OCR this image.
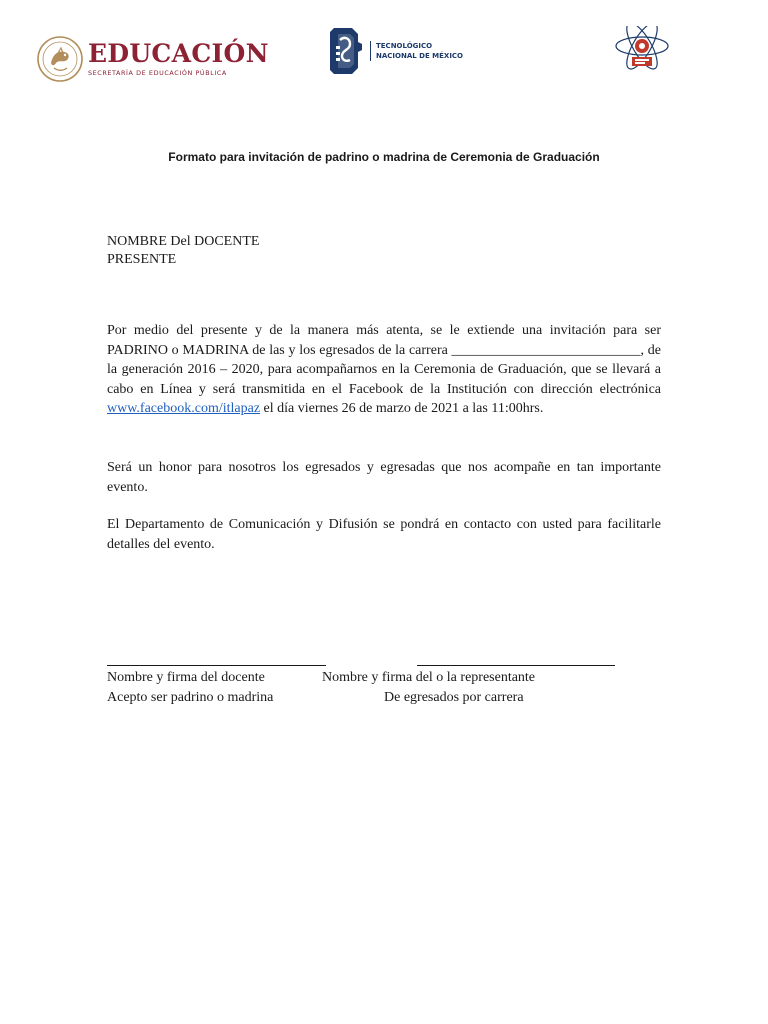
EDUCACIÓN
SECRETARÍA DE EDUCACIÓN PÚBLICA
TECNOLÓGICO
NACIONAL DE MÉXICO
Formato para invitación de padrino o madrina de Ceremonia de Graduación
NOMBRE Del DOCENTE
PRESENTE
Por medio del presente y de la manera más atenta, se le extiende una invitación para ser PADRINO o MADRINA de las y los egresados de la carrera ___________________________, de la generación 2016 – 2020, para acompañarnos en la Ceremonia de Graduación, que se llevará a cabo en Línea y será transmitida en el Facebook de la Institución con dirección electrónica www.facebook.com/itlapaz el día viernes 26 de marzo de 2021 a las 11:00hrs.
Será un honor para nosotros los egresados y egresadas que nos acompañe en tan importante evento.
El Departamento de Comunicación y Difusión se pondrá en contacto con usted para facilitarle detalles del evento.
Nombre y firma del docente	Nombre y firma del o la representante
Acepto ser padrino o madrina	De egresados por carrera
